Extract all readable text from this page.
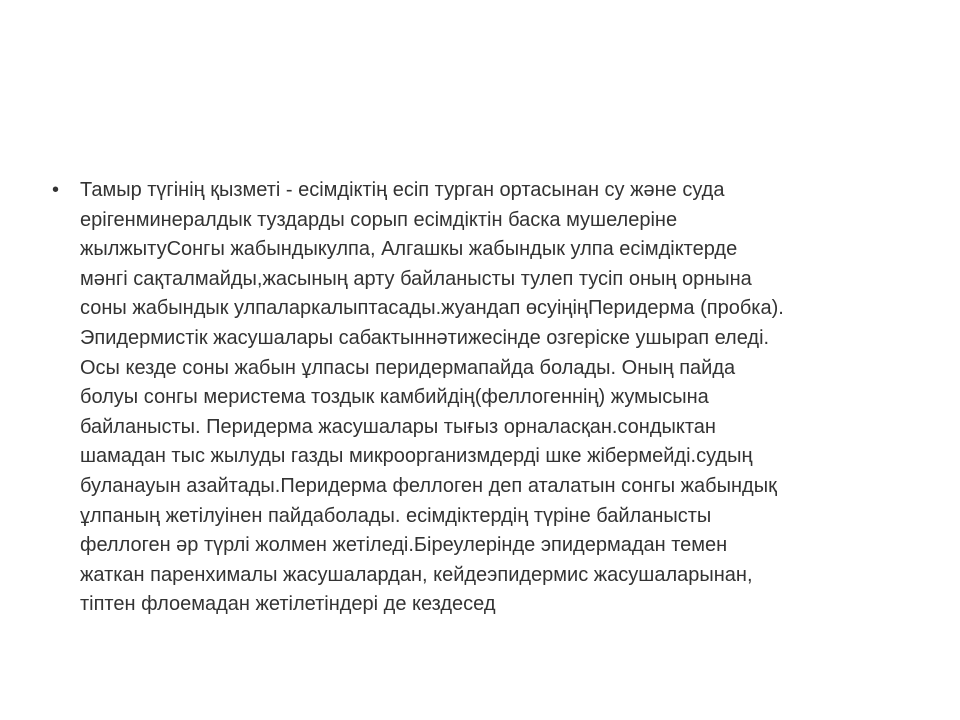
•	Тамыр түгінің қызметі - есімдіктің есіп турган ортасынан су және суда
ерігенминералдык туздарды сорып есімдіктін баска мушелеріне
жылжытуСонгы жабындыкулпа, Алгашкы жабындык улпа есімдіктерде
мәнгі сақталмайды,жасының арту байланысты тулеп тусіп оның орнына
соны жабындык улпаларкалыптасады.жуандап өсуіңіңПеридерма (пробка).
Эпидермистік жасушалары сабактыннәтижесінде озгеріске ушырап еледі.
Осы кезде соны жабын ұлпасы перидермапайда болады. Оның пайда
болуы сонгы меристема тоздык камбийдің(феллогеннің) жумысына
байланысты. Перидерма жасушалары тығыз орналасқан.сондыктан
шамадан тыс жылуды газды микроорганизмдерді шке жібермейді.судың
буланауын азайтады.Перидерма феллоген деп аталатын сонгы жабындық
ұлпаның жетілуінен пайдаболады. есімдіктердің түріне байланысты
феллоген әр түрлі жолмен жетіледі.Біреулерінде эпидермадан темен
жаткан паренхималы жасушалардан, кейдеэпидермис жасушаларынан,
тіптен флоемадан жетілетіндері де кездесед
